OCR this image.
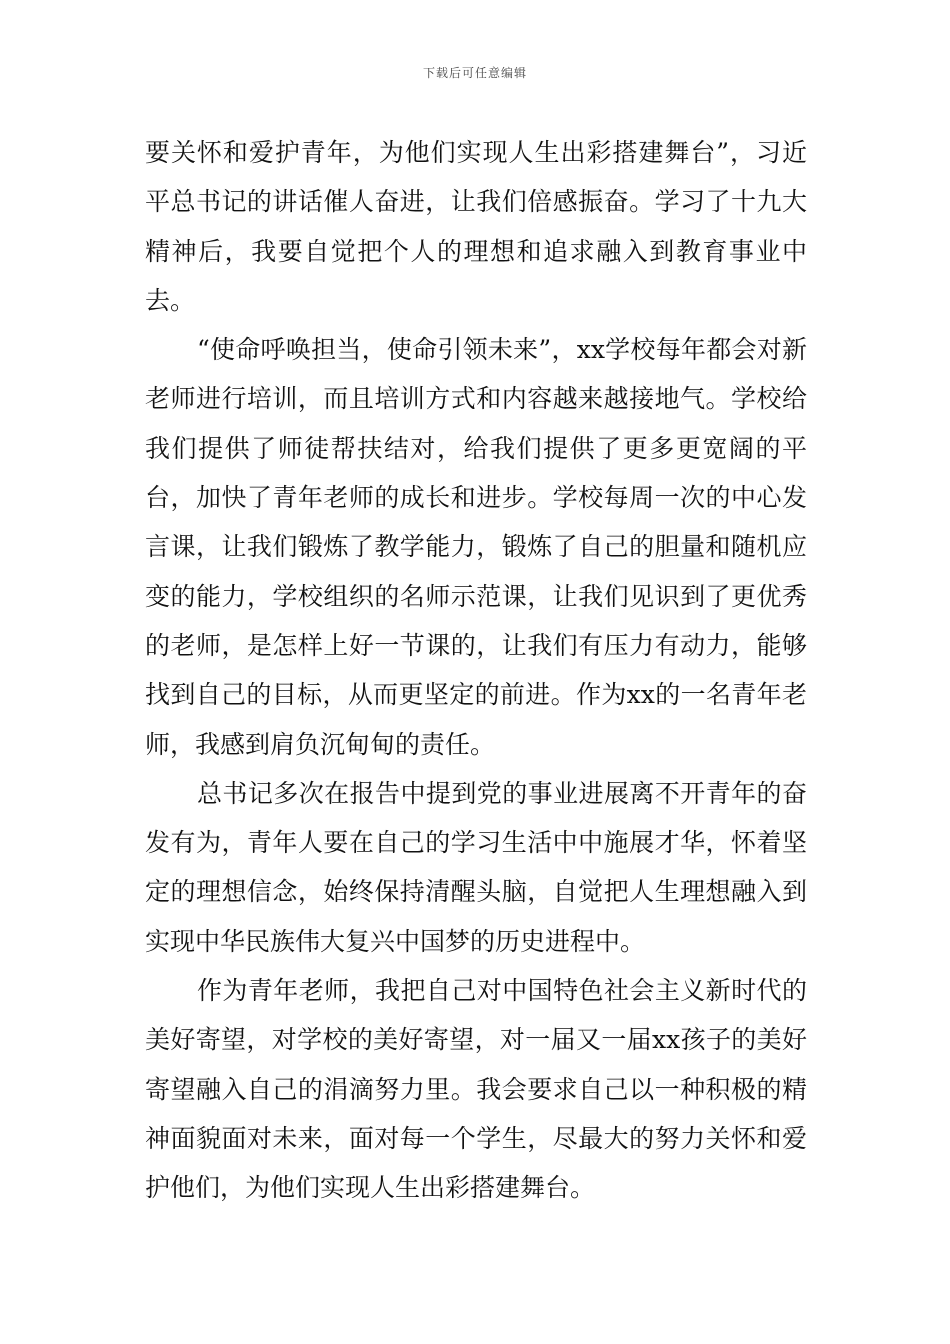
下载后可任意编辑

要关怀和爱护青年，为他们实现人生出彩搭建舞台”，习近平总书记的讲话催人奋进，让我们倍感振奋。学习了十九大精神后，我要自觉把个人的理想和追求融入到教育事业中去。

“使命呼唤担当，使命引领未来”，xx学校每年都会对新老师进行培训，而且培训方式和内容越来越接地气。学校给我们提供了师徒帮扶结对，给我们提供了更多更宽阔的平台，加快了青年老师的成长和进步。学校每周一次的中心发言课，让我们锻炼了教学能力，锻炼了自己的胆量和随机应变的能力，学校组织的名师示范课，让我们见识到了更优秀的老师，是怎样上好一节课的，让我们有压力有动力，能够找到自己的目标，从而更坚定的前进。作为xx的一名青年老师，我感到肩负沉甸甸的责任。

总书记多次在报告中提到党的事业进展离不开青年的奋发有为，青年人要在自己的学习生活中中施展才华，怀着坚定的理想信念，始终保持清醒头脑，自觉把人生理想融入到实现中华民族伟大复兴中国梦的历史进程中。

作为青年老师，我把自己对中国特色社会主义新时代的美好寄望，对学校的美好寄望，对一届又一届xx孩子的美好寄望融入自己的涓滴努力里。我会要求自己以一种积极的精神面貌面对未来，面对每一个学生，尽最大的努力关怀和爱护他们，为他们实现人生出彩搭建舞台。
